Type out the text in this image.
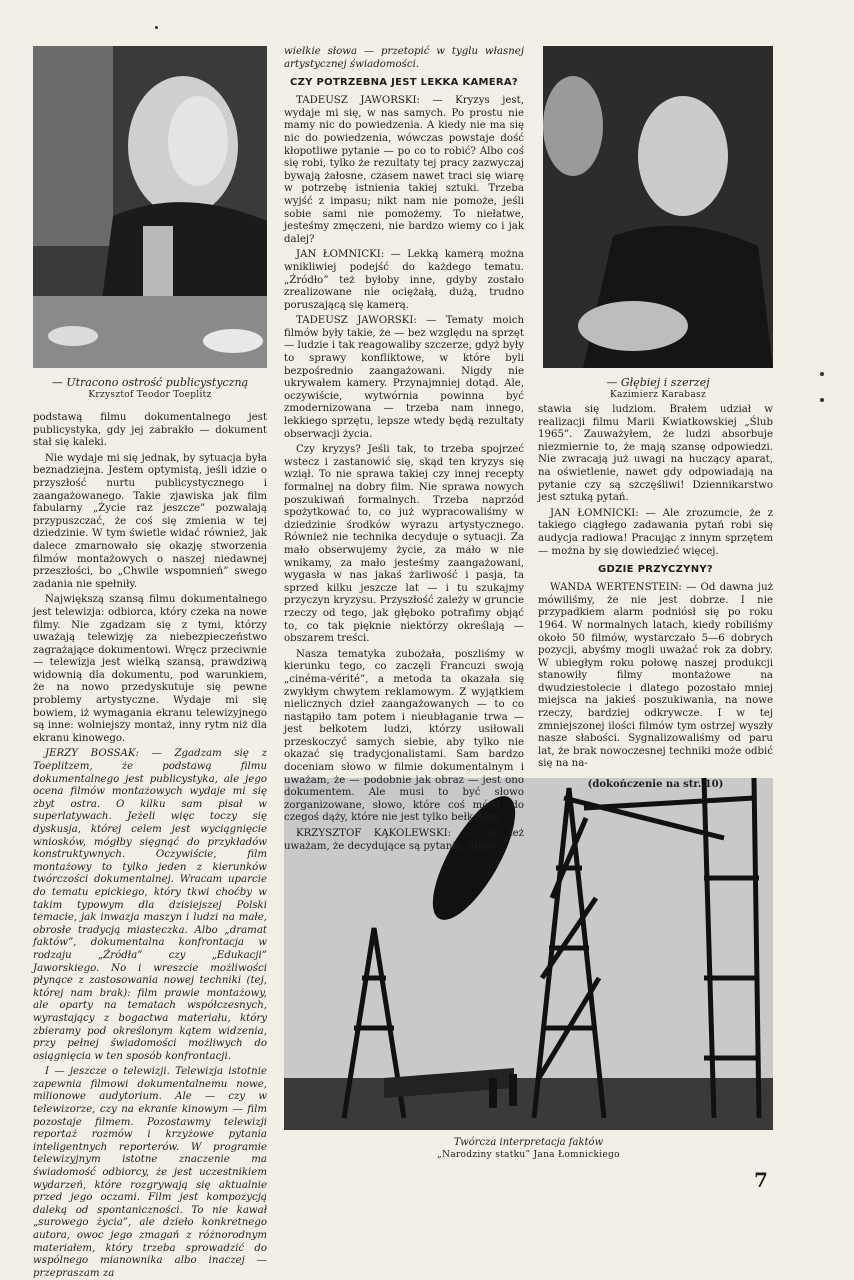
— Utracono ostrość publicystyczną
Krzysztof Teodor Toeplitz
— Głębiej i szerzej
Kazimierz Karabasz
Twórcza interpretacja faktów
„Narodziny statku” Jana Łomnickiego

podstawą filmu dokumentalnego jest publicystyka, gdy jej zabrakło — dokument stał się kaleki.

Nie wydaje mi się jednak, by sytuacja była beznadziejna. Jestem optymistą, jeśli idzie o przyszłość nurtu publicystycznego i zaangażowanego. Takie zjawiska jak film fabularny „Życie raz jeszcze” pozwalają przypuszczać, że coś się zmienia w tej dziedzinie. W tym świetle widać również, jak dalece zmarnowało się okazję stworzenia filmów montażowych o naszej niedawnej przeszłości, bo „Chwile wspomnień” swego zadania nie spełniły.

Największą szansą filmu dokumentalnego jest telewizja: odbiorca, który czeka na nowe filmy. Nie zgadzam się z tymi, którzy uważają telewizję za niebezpieczeństwo zagrażające dokumentowi. Wręcz przeciwnie — telewizja jest wielką szansą, prawdziwą widownią dla dokumentu, pod warunkiem, że na nowo przedyskutuje się pewne problemy artystyczne. Wydaje mi się bowiem, iż wymagania ekranu telewizyjnego są inne: wolniejszy montaż, inny rytm niż dla ekranu kinowego.

JERZY BOSSAK: — Zgadzam się z Toeplitzem, że podstawą filmu dokumentalnego jest publicystyka, ale jego ocena filmów montażowych wydaje mi się zbyt ostra. O kilku sam pisał w superlatywach. Jeżeli więc toczy się dyskusja, której celem jest wyciągnięcie wniosków, mógłby sięgnąć do przykładów konstruktywnych. Oczywiście, film montażowy to tylko jeden z kierunków twórczości dokumentalnej. Wracam uparcie do tematu epickiego, który tkwi choćby w takim typowym dla dzisiejszej Polski temacie, jak inwazja maszyn i ludzi na małe, obrosłe tradycją miasteczka. Albo „dramat faktów”, dokumentalna konfrontacja w rodzaju „Źródła” czy „Edukacji” Jaworskiego. No i wreszcie możliwości płynące z zastosowania nowej techniki (tej, której nam brak): film prawie montażowy, ale oparty na tematach współczesnych, wyrastający z bogactwa materiału, który zbieramy pod określonym kątem widzenia, przy pełnej świadomości możliwych do osiągnięcia w ten sposób konfrontacji.

I — jeszcze o telewizji. Telewizja istotnie zapewnia filmowi dokumentalnemu nowe, milionowe audytorium. Ale — czy w telewizorze, czy na ekranie kinowym — film pozostaje filmem. Pozostawmy telewizji reportaż rozmów i krzyżowe pytania inteligentnych reporterów. W programie telewizyjnym istotne znaczenie ma świadomość odbiorcy, że jest uczestnikiem wydarzeń, które rozgrywają się aktualnie przed jego oczami. Film jest kompozycją daleką od spontaniczności. To nie kawał „surowego życia”, ale dzieło konkretnego autora, owoc jego zmagań z różnorodnym materiałem, który trzeba sprowadzić do wspólnego mianownika albo inaczej — przepraszam za

wielkie słowa — przetopić w tyglu własnej artystycznej świadomości.

CZY POTRZEBNA JEST LEKKA KAMERA?

TADEUSZ JAWORSKI: — Kryzys jest, wydaje mi się, w nas samych. Po prostu nie mamy nic do powiedzenia. A kiedy nie ma się nic do powiedzenia, wówczas powstaje dość kłopotliwe pytanie — po co to robić? Albo coś się robi, tylko że rezultaty tej pracy zazwyczaj bywają żałosne, czasem nawet traci się wiarę w potrzebę istnienia takiej sztuki. Trzeba wyjść z impasu; nikt nam nie pomoże, jeśli sobie sami nie pomożemy. To niełatwe, jesteśmy zmęczeni, nie bardzo wiemy co i jak dalej?

JAN ŁOMNICKI: — Lekką kamerą można wnikliwiej podejść do każdego tematu. „Źródło” też byłoby inne, gdyby zostało zrealizowane nie ociężałą, dużą, trudno poruszającą się kamerą.

TADEUSZ JAWORSKI: — Tematy moich filmów były takie, że — bez względu na sprzęt — ludzie i tak reagowaliby szczerze, gdyż były to sprawy konfliktowe, w które byli bezpośrednio zaangażowani. Nigdy nie ukrywałem kamery. Przynajmniej dotąd. Ale, oczywiście, wytwórnia powinna być zmodernizowana — trzeba nam innego, lekkiego sprzętu, lepsze wtedy będą rezultaty obserwacji życia.

Czy kryzys? Jeśli tak, to trzeba spojrzeć wstecz i zastanowić się, skąd ten kryzys się wziął. To nie sprawa takiej czy innej recepty formalnej na dobry film. Nie sprawa nowych poszukiwań formalnych. Trzeba naprzód spożytkować to, co już wypracowaliśmy w dziedzinie środków wyrazu artystycznego. Również nie technika decyduje o sytuacji. Za mało obserwujemy życie, za mało w nie wnikamy, za mało jesteśmy zaangażowani, wygasła w nas jakaś żarliwość i pasja, ta sprzed kilku jeszcze lat — i tu szukajmy przyczyn kryzysu. Przyszłość zależy w gruncie rzeczy od tego, jak głęboko potrafimy objąć to, co tak pięknie niektórzy określają — obszarem treści.

Nasza tematyka zubożała, poszliśmy w kierunku tego, co zaczęli Francuzi swoją „cinéma-vérité”, a metoda ta okazała się zwykłym chwytem reklamowym. Z wyjątkiem nielicznych dzieł zaangażowanych — to co nastąpiło tam potem i nieubłaganie trwa — jest bełkotem ludzi, którzy usiłowali przeskoczyć samych siebie, aby tylko nie okazać się tradycjonalistami. Sam bardzo doceniam słowo w filmie dokumentalnym i uważam, że — podobnie jak obraz — jest ono dokumentem. Ale musi to być słowo zorganizowane, słowo, które coś mówi, do czegoś dąży, które nie jest tylko bełkotem.

KRZYSZTOF KĄKOLEWSKI: — Ja też uważam, że decydujące są pytania, które

stawia się ludziom. Brałem udział w realizacji filmu Marii Kwiatkowskiej „Ślub 1965”. Zauważyłem, że ludzi absorbuje niezmiernie to, że mają szansę odpowiedzi. Nie zwracają już uwagi na huczący aparat, na oświetlenie, nawet gdy odpowiadają na pytanie czy są szczęśliwi! Dziennikarstwo jest sztuką pytań.

JAN ŁOMNICKI: — Ale zrozumcie, że z takiego ciągłego zadawania pytań robi się audycja radiowa! Pracując z innym sprzętem — można by się dowiedzieć więcej.

GDZIE PRZYCZYNY?

WANDA WERTENSTEIN: — Od dawna już mówiliśmy, że nie jest dobrze. I nie przypadkiem alarm podniósł się po roku 1964. W normalnych latach, kiedy robiliśmy około 50 filmów, wystarczało 5—6 dobrych pozycji, abyśmy mogli uważać rok za dobry. W ubiegłym roku połowę naszej produkcji stanowiły filmy montażowe na dwudziestolecie i dlatego pozostało mniej miejsca na jakieś poszukiwania, na nowe rzeczy, bardziej odkrywcze. I w tej zmniejszonej ilości filmów tym ostrzej wyszły nasze słabości. Sygnalizowaliśmy od paru lat, że brak nowoczesnej techniki może odbić się na na-

(dokończenie na str. 10)
7
